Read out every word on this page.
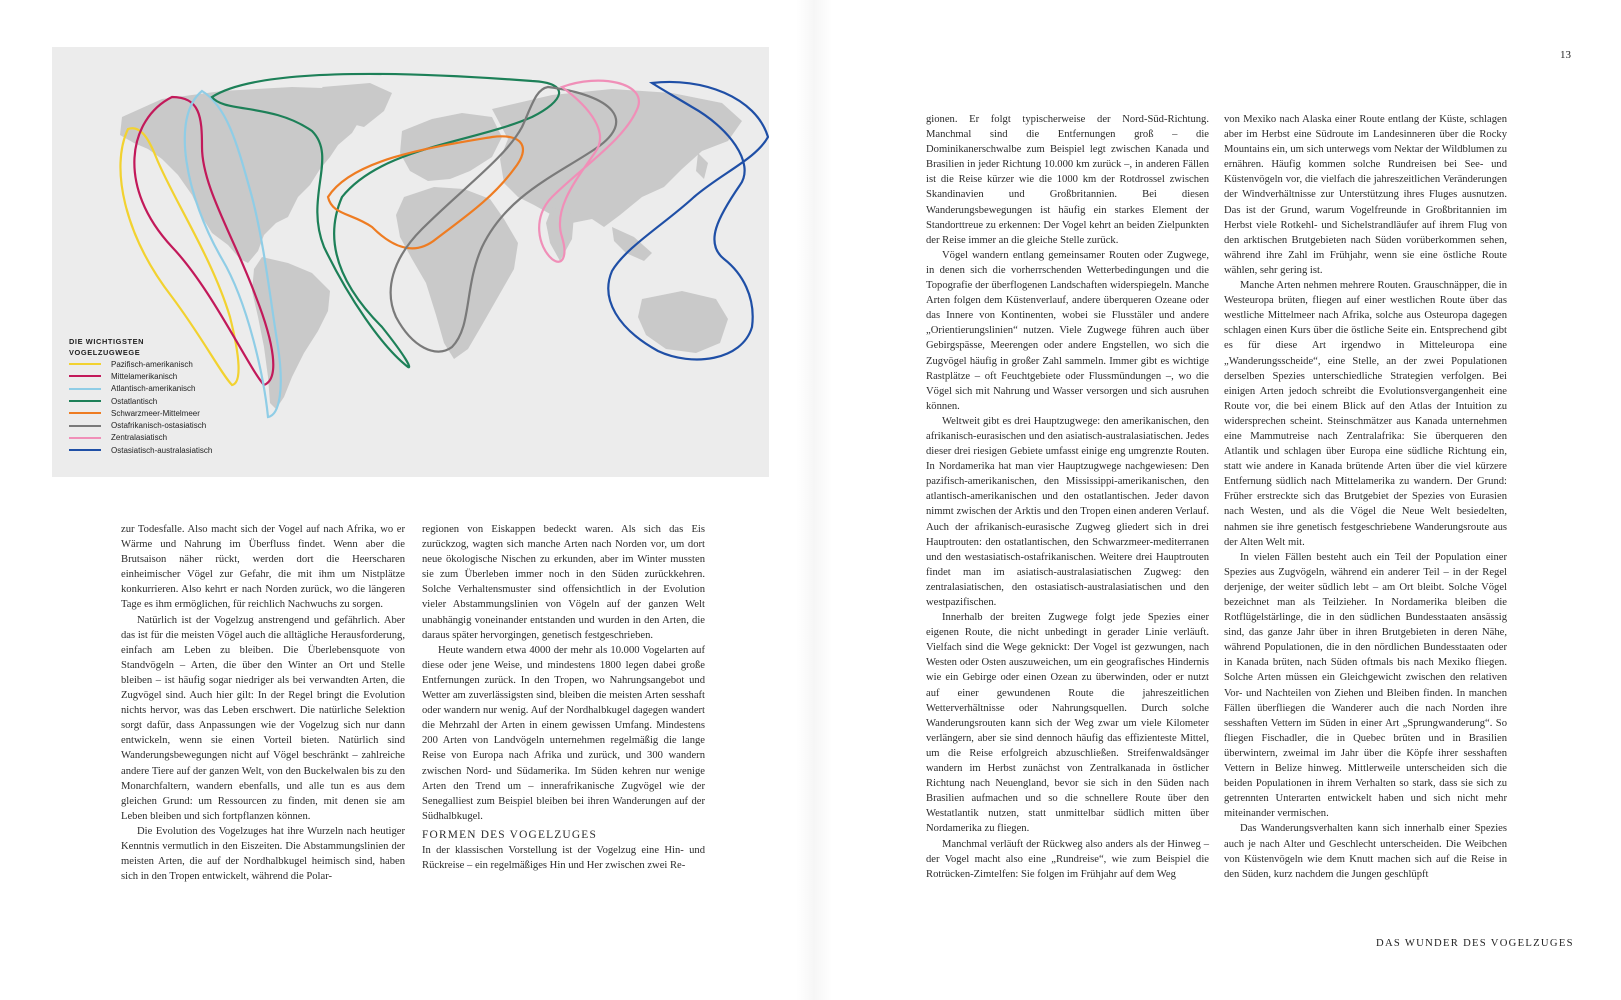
DIE WICHTIGSTEN
VOGELZUGWEGE
Pazifisch-amerikanisch
Mittelamerikanisch
Atlantisch-amerikanisch
Ostatlantisch
Schwarzmeer-Mittelmeer
Ostafrikanisch-ostasiatisch
Zentralasiatisch
Ostasiatisch-australasiatisch

zur Todesfalle. Also macht sich der Vogel auf nach Afrika, wo er Wärme und Nahrung im Überfluss findet. Wenn aber die Brutsaison näher rückt, werden dort die Heerscharen einheimischer Vögel zur Gefahr, die mit ihm um Nistplätze konkurrieren. Also kehrt er nach Norden zurück, wo die längeren Tage es ihm ermöglichen, für reichlich Nachwuchs zu sorgen.

Natürlich ist der Vogelzug anstrengend und gefährlich. Aber das ist für die meisten Vögel auch die alltägliche Herausforderung, einfach am Leben zu bleiben. Die Überlebensquote von Standvögeln – Arten, die über den Winter an Ort und Stelle bleiben – ist häufig sogar niedriger als bei verwandten Arten, die Zugvögel sind. Auch hier gilt: In der Regel bringt die Evolution nichts hervor, was das Leben erschwert. Die natürliche Selektion sorgt dafür, dass Anpassungen wie der Vogelzug sich nur dann entwickeln, wenn sie einen Vorteil bieten. Natürlich sind Wanderungsbewegungen nicht auf Vögel beschränkt – zahlreiche andere Tiere auf der ganzen Welt, von den Buckelwalen bis zu den Monarchfaltern, wandern ebenfalls, und alle tun es aus dem gleichen Grund: um Ressourcen zu finden, mit denen sie am Leben bleiben und sich fortpflanzen können.

Die Evolution des Vogelzuges hat ihre Wurzeln nach heutiger Kenntnis vermutlich in den Eiszeiten. Die Abstammungslinien der meisten Arten, die auf der Nordhalbkugel heimisch sind, haben sich in den Tropen entwickelt, während die Polar-

regionen von Eiskappen bedeckt waren. Als sich das Eis zurückzog, wagten sich manche Arten nach Norden vor, um dort neue ökologische Nischen zu erkunden, aber im Winter mussten sie zum Überleben immer noch in den Süden zurückkehren. Solche Verhaltensmuster sind offensichtlich in der Evolution vieler Abstammungslinien von Vögeln auf der ganzen Welt unabhängig voneinander entstanden und wurden in den Arten, die daraus später hervorgingen, genetisch festgeschrieben.

Heute wandern etwa 4000 der mehr als 10.000 Vogelarten auf diese oder jene Weise, und mindestens 1800 legen dabei große Entfernungen zurück. In den Tropen, wo Nahrungsangebot und Wetter am zuverlässigsten sind, bleiben die meisten Arten sesshaft oder wandern nur wenig. Auf der Nordhalbkugel dagegen wandert die Mehrzahl der Arten in einem gewissen Umfang. Mindestens 200 Arten von Landvögeln unternehmen regelmäßig die lange Reise von Europa nach Afrika und zurück, und 300 wandern zwischen Nord- und Südamerika. Im Süden kehren nur wenige Arten den Trend um – innerafrikanische Zugvögel wie der Senegalliest zum Beispiel bleiben bei ihren Wanderungen auf der Südhalbkugel.

FORMEN DES VOGELZUGES

In der klassischen Vorstellung ist der Vogelzug eine Hin- und Rückreise – ein regelmäßiges Hin und Her zwischen zwei Re-

gionen. Er folgt typischerweise der Nord-Süd-Richtung. Manchmal sind die Entfernungen groß – die Dominikanerschwalbe zum Beispiel legt zwischen Kanada und Brasilien in jeder Richtung 10.000 km zurück –, in anderen Fällen ist die Reise kürzer wie die 1000 km der Rotdrossel zwischen Skandinavien und Großbritannien. Bei diesen Wanderungsbewegungen ist häufig ein starkes Element der Standorttreue zu erkennen: Der Vogel kehrt an beiden Zielpunkten der Reise immer an die gleiche Stelle zurück.

Vögel wandern entlang gemeinsamer Routen oder Zugwege, in denen sich die vorherrschenden Wetterbedingungen und die Topografie der überflogenen Landschaften widerspiegeln. Manche Arten folgen dem Küstenverlauf, andere überqueren Ozeane oder das Innere von Kontinenten, wobei sie Flusstäler und andere „Orientierungslinien“ nutzen. Viele Zugwege führen auch über Gebirgspässe, Meerengen oder andere Engstellen, wo sich die Zugvögel häufig in großer Zahl sammeln. Immer gibt es wichtige Rastplätze – oft Feuchtgebiete oder Flussmündungen –, wo die Vögel sich mit Nahrung und Wasser versorgen und sich ausruhen können.

Weltweit gibt es drei Hauptzugwege: den amerikanischen, den afrikanisch-eurasischen und den asiatisch-australasiatischen. Jedes dieser drei riesigen Gebiete umfasst einige eng umgrenzte Routen. In Nordamerika hat man vier Hauptzugwege nachgewiesen: Den pazifisch-amerikanischen, den Mississippi-amerikanischen, den atlantisch-amerikanischen und den ostatlantischen. Jeder davon nimmt zwischen der Arktis und den Tropen einen anderen Verlauf. Auch der afrikanisch-eurasische Zugweg gliedert sich in drei Hauptrouten: den ostatlantischen, den Schwarzmeer-mediterranen und den westasiatisch-ostafrikanischen. Weitere drei Hauptrouten findet man im asiatisch-australasiatischen Zugweg: den zentralasiatischen, den ostasiatisch-australasiatischen und den westpazifischen.

Innerhalb der breiten Zugwege folgt jede Spezies einer eigenen Route, die nicht unbedingt in gerader Linie verläuft. Vielfach sind die Wege geknickt: Der Vogel ist gezwungen, nach Westen oder Osten auszuweichen, um ein geografisches Hindernis wie ein Gebirge oder einen Ozean zu überwinden, oder er nutzt auf einer gewundenen Route die jahreszeitlichen Wetterverhältnisse oder Nahrungsquellen. Durch solche Wanderungsrouten kann sich der Weg zwar um viele Kilometer verlängern, aber sie sind dennoch häufig das effizienteste Mittel, um die Reise erfolgreich abzuschließen. Streifenwaldsänger wandern im Herbst zunächst von Zentralkanada in östlicher Richtung nach Neuengland, bevor sie sich in den Süden nach Brasilien aufmachen und so die schnellere Route über den Westatlantik nutzen, statt unmittelbar südlich mitten über Nordamerika zu fliegen.

Manchmal verläuft der Rückweg also anders als der Hinweg – der Vogel macht also eine „Rundreise“, wie zum Beispiel die Rotrücken-Zimtelfen: Sie folgen im Frühjahr auf dem Weg

von Mexiko nach Alaska einer Route entlang der Küste, schlagen aber im Herbst eine Südroute im Landesinneren über die Rocky Mountains ein, um sich unterwegs vom Nektar der Wildblumen zu ernähren. Häufig kommen solche Rundreisen bei See- und Küstenvögeln vor, die vielfach die jahreszeitlichen Veränderungen der Windverhältnisse zur Unterstützung ihres Fluges ausnutzen. Das ist der Grund, warum Vogelfreunde in Großbritannien im Herbst viele Rotkehl- und Sichelstrandläufer auf ihrem Flug von den arktischen Brutgebieten nach Süden vorüberkommen sehen, während ihre Zahl im Frühjahr, wenn sie eine östliche Route wählen, sehr gering ist.

Manche Arten nehmen mehrere Routen. Grauschnäpper, die in Westeuropa brüten, fliegen auf einer westlichen Route über das westliche Mittelmeer nach Afrika, solche aus Osteuropa dagegen schlagen einen Kurs über die östliche Seite ein. Entsprechend gibt es für diese Art irgendwo in Mitteleuropa eine „Wanderungsscheide“, eine Stelle, an der zwei Populationen derselben Spezies unterschiedliche Strategien verfolgen. Bei einigen Arten jedoch schreibt die Evolutionsvergangenheit eine Route vor, die bei einem Blick auf den Atlas der Intuition zu widersprechen scheint. Steinschmätzer aus Kanada unternehmen eine Mammutreise nach Zentralafrika: Sie überqueren den Atlantik und schlagen über Europa eine südliche Richtung ein, statt wie andere in Kanada brütende Arten über die viel kürzere Entfernung südlich nach Mittelamerika zu wandern. Der Grund: Früher erstreckte sich das Brutgebiet der Spezies von Eurasien nach Westen, und als die Vögel die Neue Welt besiedelten, nahmen sie ihre genetisch festgeschriebene Wanderungsroute aus der Alten Welt mit.

In vielen Fällen besteht auch ein Teil der Population einer Spezies aus Zugvögeln, während ein anderer Teil – in der Regel derjenige, der weiter südlich lebt – am Ort bleibt. Solche Vögel bezeichnet man als Teilzieher. In Nordamerika bleiben die Rotflügelstärlinge, die in den südlichen Bundesstaaten ansässig sind, das ganze Jahr über in ihren Brutgebieten in deren Nähe, während Populationen, die in den nördlichen Bundesstaaten oder in Kanada brüten, nach Süden oftmals bis nach Mexiko fliegen. Solche Arten müssen ein Gleichgewicht zwischen den relativen Vor- und Nachteilen von Ziehen und Bleiben finden. In manchen Fällen überfliegen die Wanderer auch die nach Norden ihre sesshaften Vettern im Süden in einer Art „Sprungwanderung“. So fliegen Fischadler, die in Quebec brüten und in Brasilien überwintern, zweimal im Jahr über die Köpfe ihrer sesshaften Vettern in Belize hinweg. Mittlerweile unterscheiden sich die beiden Populationen in ihrem Verhalten so stark, dass sie sich zu getrennten Unterarten entwickelt haben und sich nicht mehr miteinander vermischen.

Das Wanderungsverhalten kann sich innerhalb einer Spezies auch je nach Alter und Geschlecht unterscheiden. Die Weibchen von Küstenvögeln wie dem Knutt machen sich auf die Reise in den Süden, kurz nachdem die Jungen geschlüpft

13
DAS WUNDER DES VOGELZUGES
